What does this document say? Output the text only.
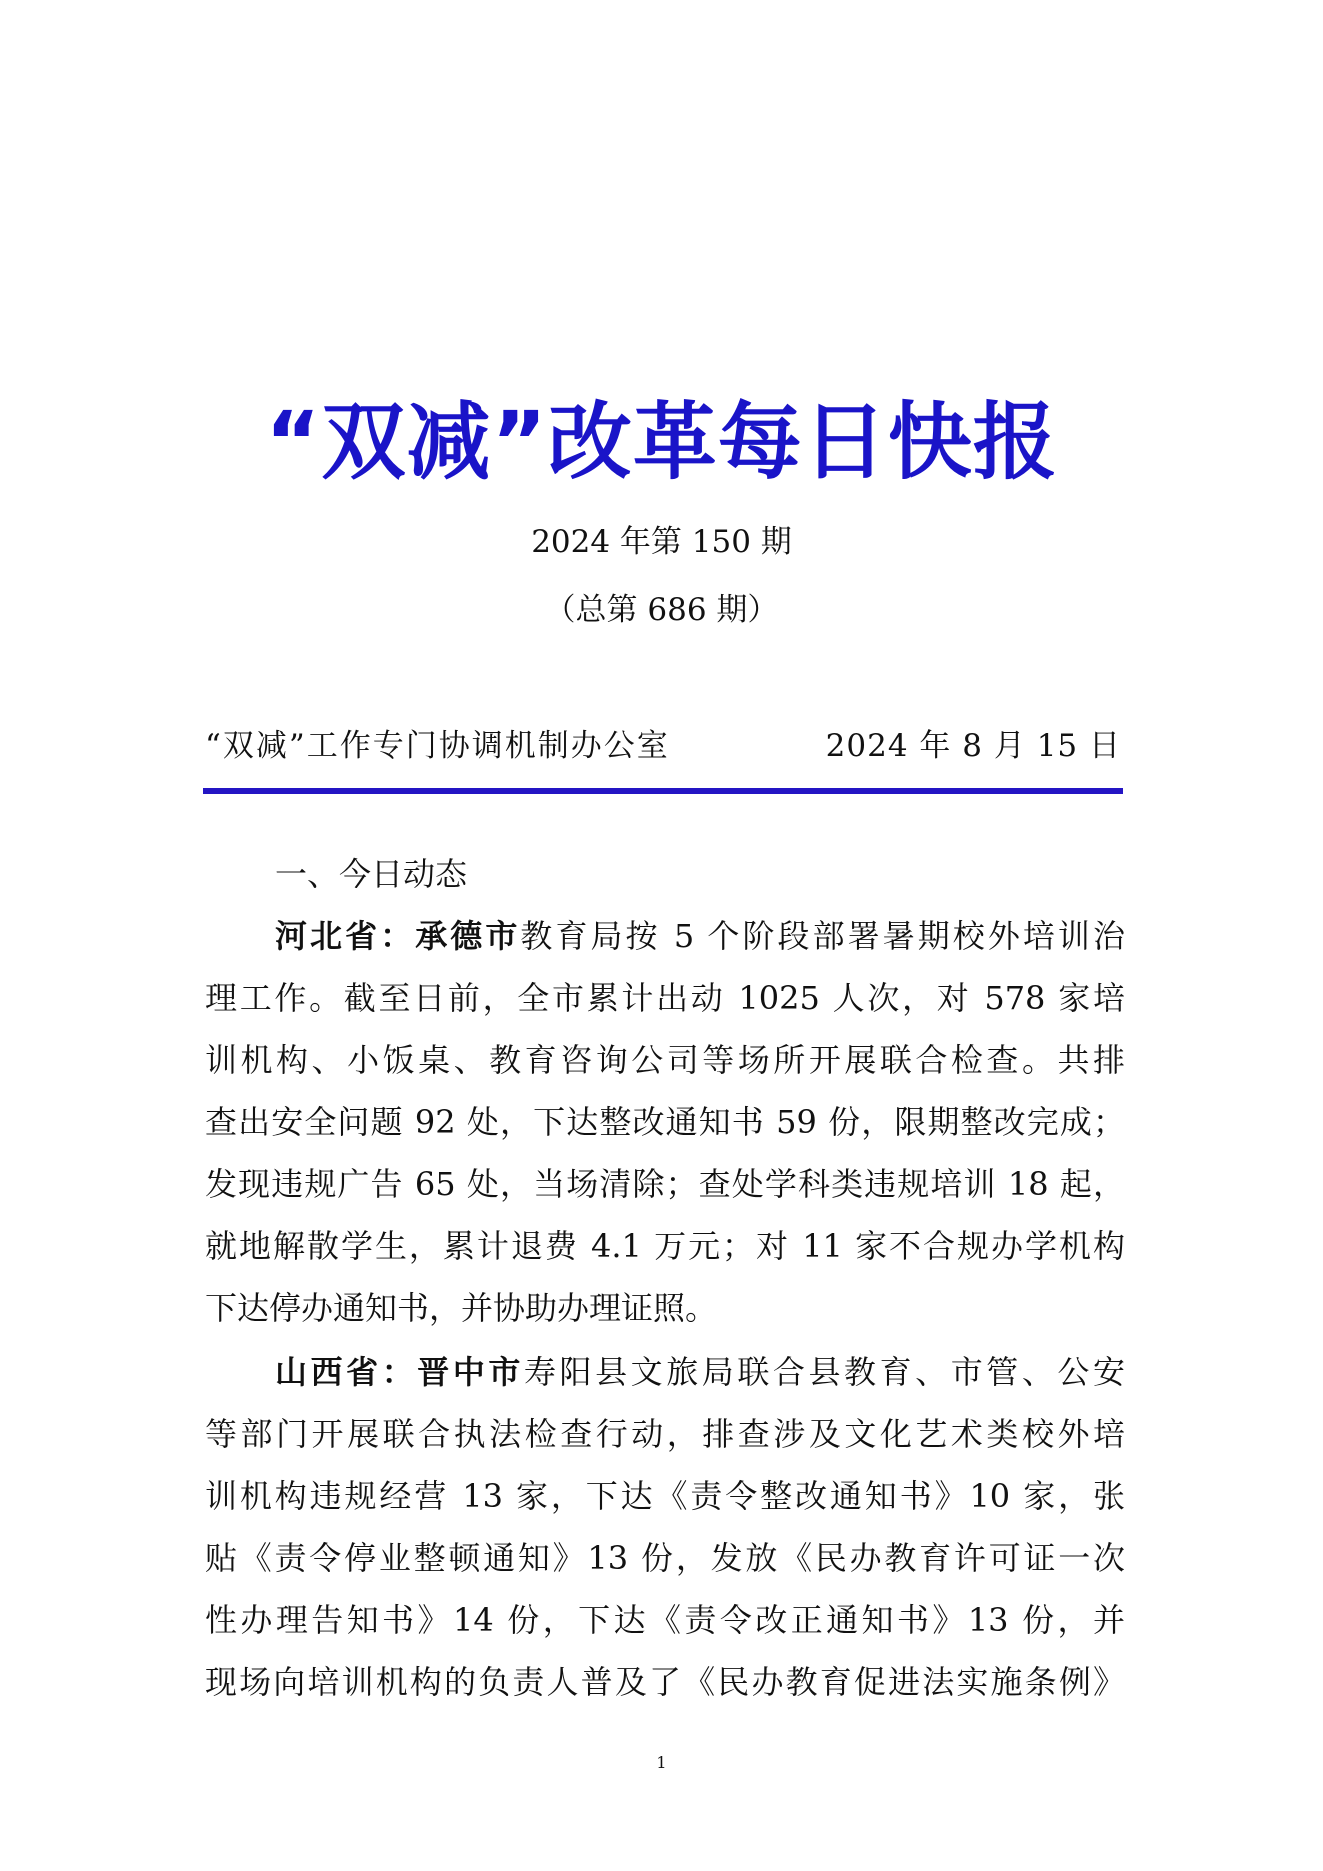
“双减”改革每日快报
2024 年第 150 期
（总第 686 期）
“双减”工作专门协调机制办公室	2024 年 8 月 15 日
一、今日动态
河北省：承德市教育局按 5 个阶段部署暑期校外培训治
理工作。截至日前，全市累计出动 1025 人次，对 578 家培
训机构、小饭桌、教育咨询公司等场所开展联合检查。共排
查出安全问题 92 处，下达整改通知书 59 份，限期整改完成；
发现违规广告 65 处，当场清除；查处学科类违规培训 18 起，
就地解散学生，累计退费 4.1 万元；对 11 家不合规办学机构
下达停办通知书，并协助办理证照。
山西省：晋中市寿阳县文旅局联合县教育、市管、公安
等部门开展联合执法检查行动，排查涉及文化艺术类校外培
训机构违规经营 13 家，下达《责令整改通知书》10 家，张
贴《责令停业整顿通知》13 份，发放《民办教育许可证一次
性办理告知书》14 份，下达《责令改正通知书》13 份，并
现场向培训机构的负责人普及了《民办教育促进法实施条例》
1
